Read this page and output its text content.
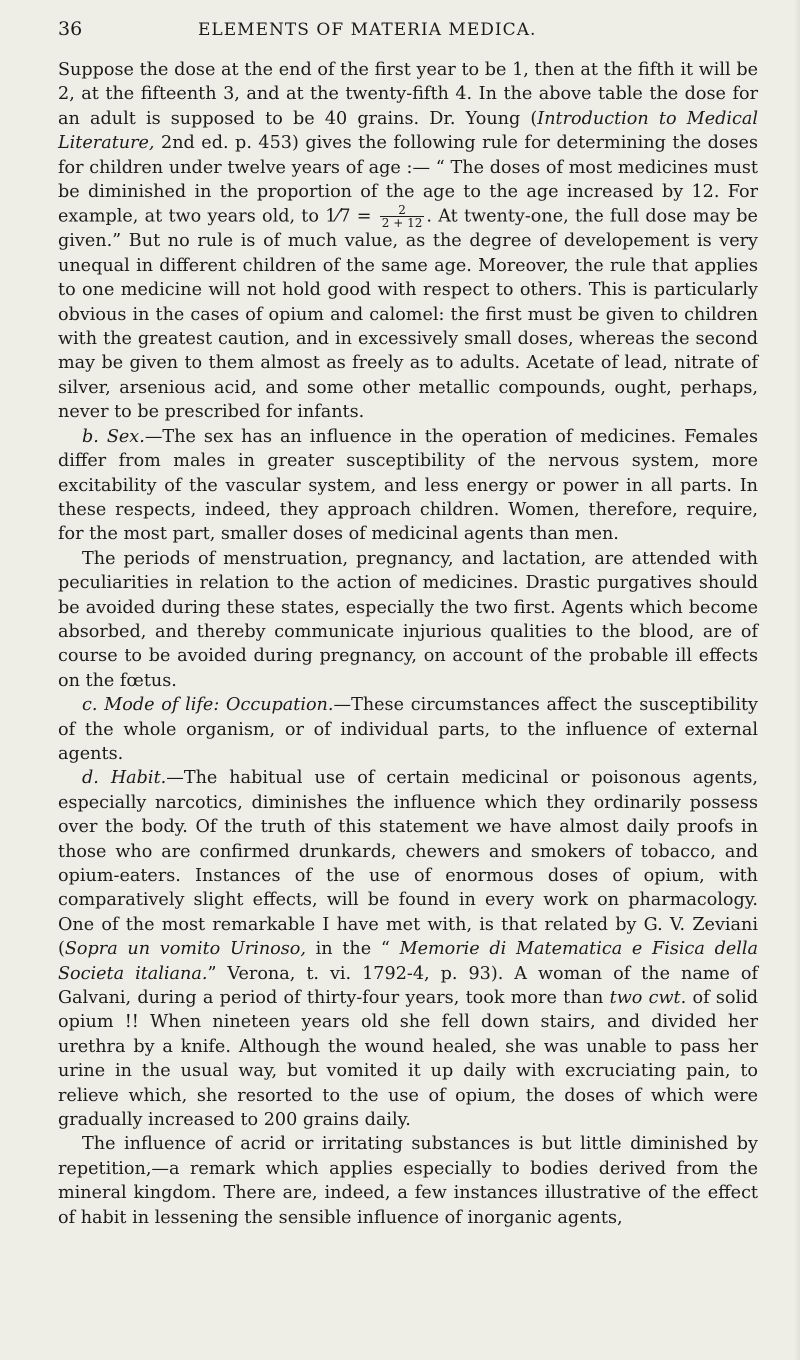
36	ELEMENTS OF MATERIA MEDICA.

Suppose the dose at the end of the first year to be 1, then at the fifth it will be 2, at the fifteenth 3, and at the twenty-fifth 4. In the above table the dose for an adult is supposed to be 40 grains. Dr. Young (Introduction to Medical Literature, 2nd ed. p. 453) gives the following rule for determining the doses for children under twelve years of age :— “ The doses of most medicines must be diminished in the proportion of the age to the age increased by 12. For example, at two years old, to 1⁄7 = $\frac{2}{2 + 12}$ . At twenty-one, the full dose may be given.” But no rule is of much value, as the degree of developement is very unequal in different children of the same age. Moreover, the rule that applies to one medicine will not hold good with respect to others. This is particularly obvious in the cases of opium and calomel: the first must be given to children with the greatest caution, and in excessively small doses, whereas the second may be given to them almost as freely as to adults. Acetate of lead, nitrate of silver, arsenious acid, and some other metallic compounds, ought, perhaps, never to be prescribed for infants.

b. Sex.—The sex has an influence in the operation of medicines. Females differ from males in greater susceptibility of the nervous system, more excitability of the vascular system, and less energy or power in all parts. In these respects, indeed, they approach children. Women, therefore, require, for the most part, smaller doses of medicinal agents than men.

The periods of menstruation, pregnancy, and lactation, are attended with peculiarities in relation to the action of medicines. Drastic purgatives should be avoided during these states, especially the two first. Agents which become absorbed, and thereby communicate injurious qualities to the blood, are of course to be avoided during pregnancy, on account of the probable ill effects on the fœtus.

c. Mode of life: Occupation.—These circumstances affect the susceptibility of the whole organism, or of individual parts, to the influence of external agents.

d. Habit.—The habitual use of certain medicinal or poisonous agents, especially narcotics, diminishes the influence which they ordinarily possess over the body. Of the truth of this statement we have almost daily proofs in those who are confirmed drunkards, chewers and smokers of tobacco, and opium-eaters. Instances of the use of enormous doses of opium, with comparatively slight effects, will be found in every work on pharmacology. One of the most remarkable I have met with, is that related by G. V. Zeviani (Sopra un vomito Urinoso, in the “ Memorie di Matematica e Fisica della Societa italiana.” Verona, t. vi. 1792-4, p. 93). A woman of the name of Galvani, during a period of thirty-four years, took more than two cwt. of solid opium !! When nineteen years old she fell down stairs, and divided her urethra by a knife. Although the wound healed, she was unable to pass her urine in the usual way, but vomited it up daily with excruciating pain, to relieve which, she resorted to the use of opium, the doses of which were gradually increased to 200 grains daily.

The influence of acrid or irritating substances is but little diminished by repetition,—a remark which applies especially to bodies derived from the mineral kingdom. There are, indeed, a few instances illustrative of the effect of habit in lessening the sensible influence of inorganic agents,
